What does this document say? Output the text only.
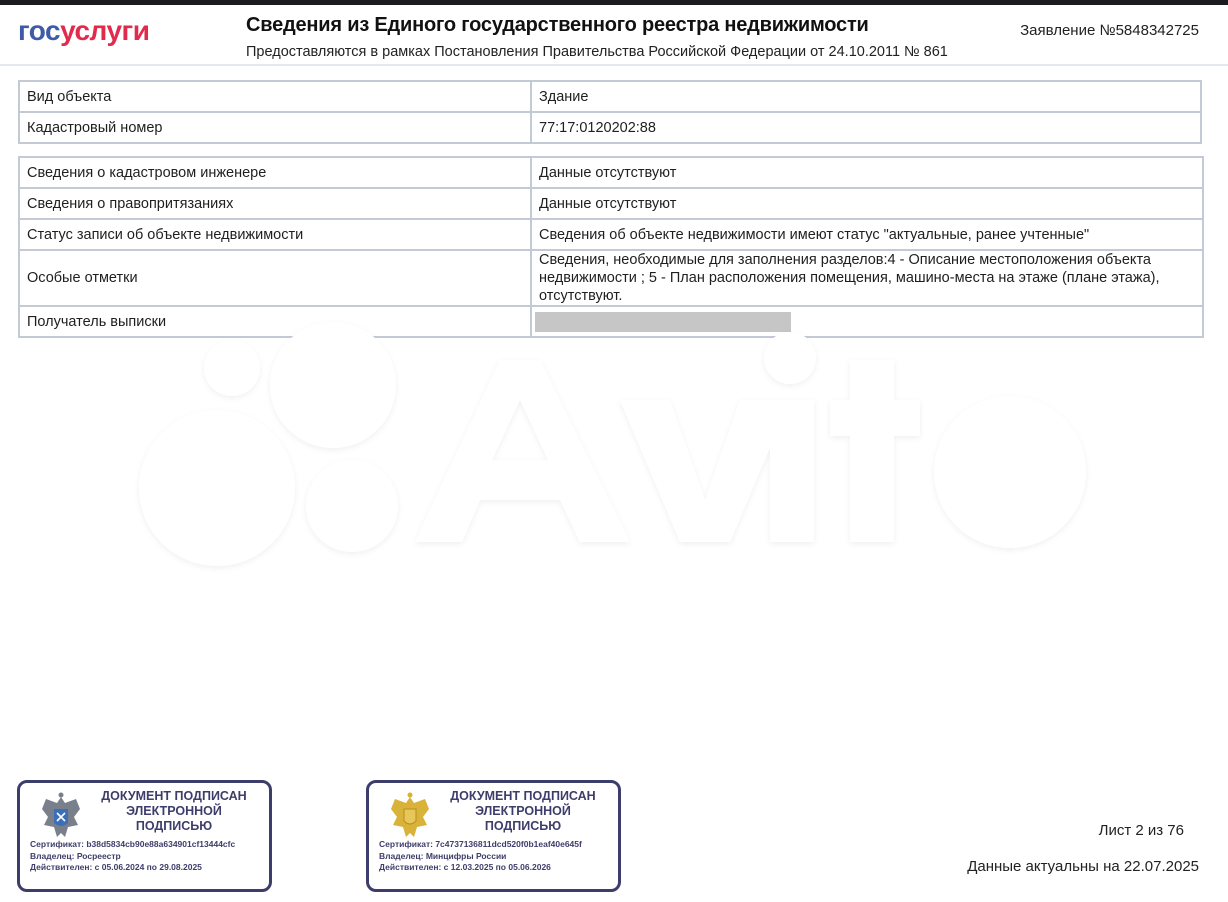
госуслуги	Сведения из Единого государственного реестра недвижимости
Предоставляются в рамках Постановления Правительства Российской Федерации от 24.10.2011 № 861
Заявление №5848342725
Вид объекта	Здание
Кадастровый номер	77:17:0120202:88
Сведения о кадастровом инженере	Данные отсутствуют
Сведения о правопритязаниях	Данные отсутствуют
Статус записи об объекте недвижимости	Сведения об объекте недвижимости имеют статус "актуальные, ранее учтенные"
Особые отметки	Сведения, необходимые для заполнения разделов:4 - Описание местоположения объекта недвижимости ; 5 - План расположения помещения, машино-места на этаже (плане этажа), отсутствуют.
Получатель выписки	
ДОКУМЕНТ ПОДПИСАН
ЭЛЕКТРОННОЙ
ПОДПИСЬЮ
Сертификат: b38d5834cb90e88a634901cf13444cfc
Владелец: Росреестр
Действителен: с 05.06.2024 по 29.08.2025
ДОКУМЕНТ ПОДПИСАН
ЭЛЕКТРОННОЙ
ПОДПИСЬЮ
Сертификат: 7c4737136811dcd520f0b1eaf40e645f
Владелец: Минцифры России
Действителен: с 12.03.2025 по 05.06.2026
Лист 2 из 76
Данные актуальны на 22.07.2025
